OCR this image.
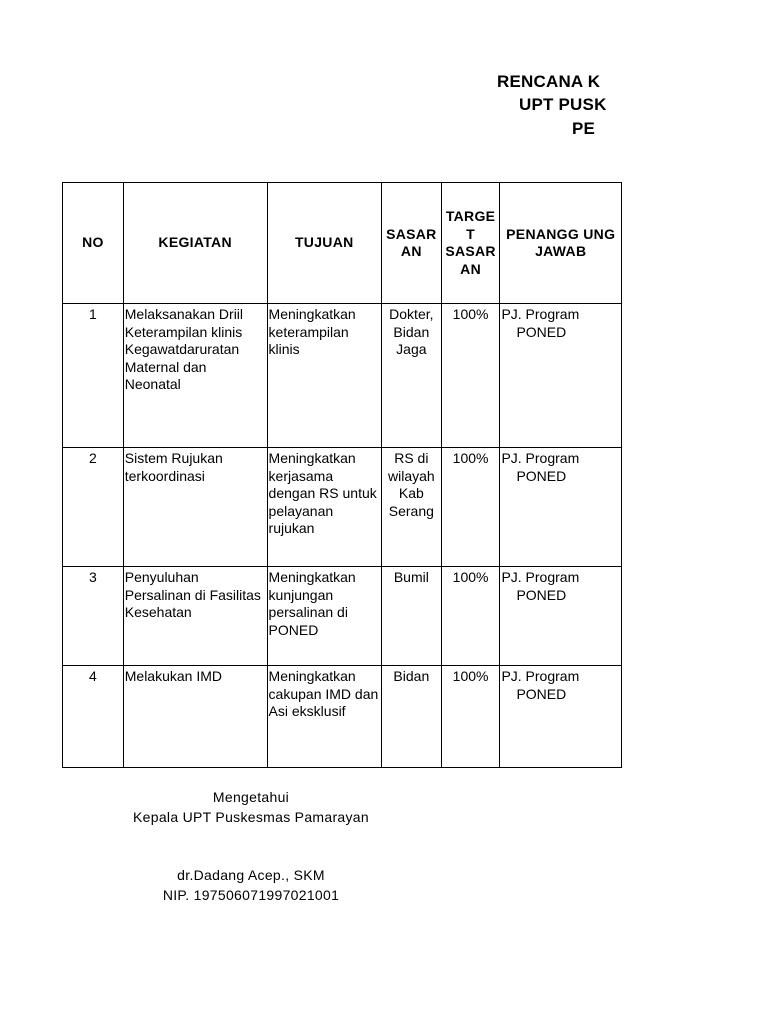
RENCANA K
UPT PUSK
PE
NO	KEGIATAN	TUJUAN	SASAR AN	TARGE T SASAR AN	PENANGG UNG JAWAB
1	Melaksanakan Driil Keterampilan klinis Kegawatdaruratan Maternal dan Neonatal	Meningkatkan keterampilan klinis	Dokter, Bidan Jaga	100%	PJ. Program
PONED

2	Sistem Rujukan terkoordinasi	Meningkatkan kerjasama dengan RS untuk pelayanan rujukan	RS di wilayah Kab Serang	100%	PJ. Program
PONED

3	Penyuluhan Persalinan di Fasilitas Kesehatan	Meningkatkan kunjungan persalinan di PONED	Bumil	100%	PJ. Program
PONED

4	Melakukan IMD	Meningkatkan cakupan IMD dan Asi eksklusif	Bidan	100%	PJ. Program
PONED
Mengetahui
Kepala UPT Puskesmas Pamarayan
dr.Dadang Acep., SKM
NIP. 197506071997021001
